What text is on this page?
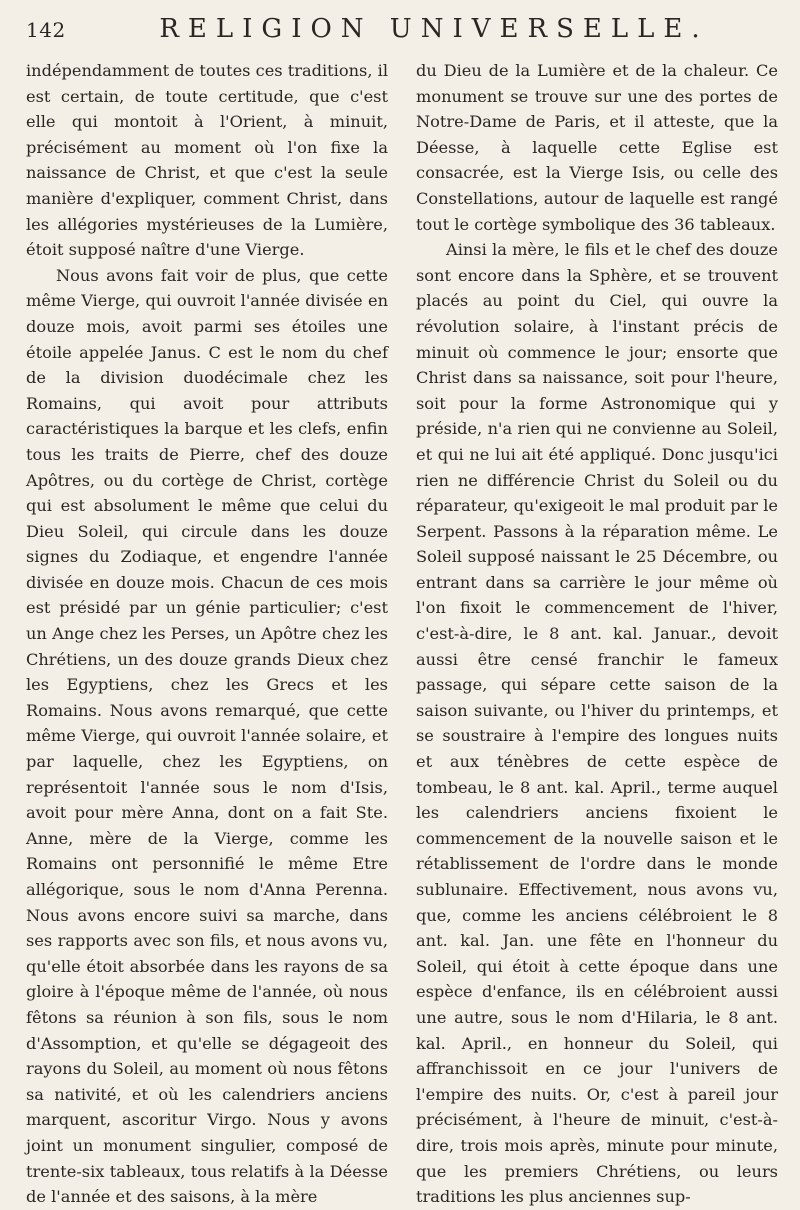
142	RELIGION UNIVERSELLE.

indépendamment de toutes ces traditions, il est certain, de toute certitude, que c'est elle qui montoit à l'Orient, à minuit, précisément au moment où l'on fixe la naissance de Christ, et que c'est la seule manière d'expliquer, comment Christ, dans les allégories mystérieuses de la Lumière, étoit supposé naître d'une Vierge.

Nous avons fait voir de plus, que cette même Vierge, qui ouvroit l'année divisée en douze mois, avoit parmi ses étoiles une étoile appelée Janus. C est le nom du chef de la division duodécimale chez les Romains, qui avoit pour attributs caractéristiques la barque et les clefs, enfin tous les traits de Pierre, chef des douze Apôtres, ou du cortège de Christ, cortège qui est absolument le même que celui du Dieu Soleil, qui circule dans les douze signes du Zodiaque, et engendre l'année divisée en douze mois. Chacun de ces mois est présidé par un génie particulier; c'est un Ange chez les Perses, un Apôtre chez les Chrétiens, un des douze grands Dieux chez les Egyptiens, chez les Grecs et les Romains. Nous avons remarqué, que cette même Vierge, qui ouvroit l'année solaire, et par laquelle, chez les Egyptiens, on représentoit l'année sous le nom d'Isis, avoit pour mère Anna, dont on a fait Ste. Anne, mère de la Vierge, comme les Romains ont personnifié le même Etre allégorique, sous le nom d'Anna Perenna. Nous avons encore suivi sa marche, dans ses rapports avec son fils, et nous avons vu, qu'elle étoit absorbée dans les rayons de sa gloire à l'époque même de l'année, où nous fêtons sa réunion à son fils, sous le nom d'Assomption, et qu'elle se dégageoit des rayons du Soleil, au moment où nous fêtons sa nativité, et où les calendriers anciens marquent, ascoritur Virgo. Nous y avons joint un monument singulier, composé de trente-six tableaux, tous relatifs à la Déesse de l'année et des saisons, à la mère

du Dieu de la Lumière et de la chaleur. Ce monument se trouve sur une des portes de Notre-Dame de Paris, et il atteste, que la Déesse, à laquelle cette Eglise est consacrée, est la Vierge Isis, ou celle des Constellations, autour de laquelle est rangé tout le cortège symbolique des 36 tableaux.

Ainsi la mère, le fils et le chef des douze sont encore dans la Sphère, et se trouvent placés au point du Ciel, qui ouvre la révolution solaire, à l'instant précis de minuit où commence le jour; ensorte que Christ dans sa naissance, soit pour l'heure, soit pour la forme Astronomique qui y préside, n'a rien qui ne convienne au Soleil, et qui ne lui ait été appliqué. Donc jusqu'ici rien ne différencie Christ du Soleil ou du réparateur, qu'exigeoit le mal produit par le Serpent. Passons à la réparation même. Le Soleil supposé naissant le 25 Décembre, ou entrant dans sa carrière le jour même où l'on fixoit le commencement de l'hiver, c'est-à-dire, le 8 ant. kal. Januar., devoit aussi être censé franchir le fameux passage, qui sépare cette saison de la saison suivante, ou l'hiver du printemps, et se soustraire à l'empire des longues nuits et aux ténèbres de cette espèce de tombeau, le 8 ant. kal. April., terme auquel les calendriers anciens fixoient le commencement de la nouvelle saison et le rétablissement de l'ordre dans le monde sublunaire. Effectivement, nous avons vu, que, comme les anciens célébroient le 8 ant. kal. Jan. une fête en l'honneur du Soleil, qui étoit à cette époque dans une espèce d'enfance, ils en célébroient aussi une autre, sous le nom d'Hilaria, le 8 ant. kal. April., en honneur du Soleil, qui affranchissoit en ce jour l'univers de l'empire des nuits. Or, c'est à pareil jour précisément, à l'heure de minuit, c'est-à-dire, trois mois après, minute pour minute, que les premiers Chrétiens, ou leurs traditions les plus anciennes sup-
